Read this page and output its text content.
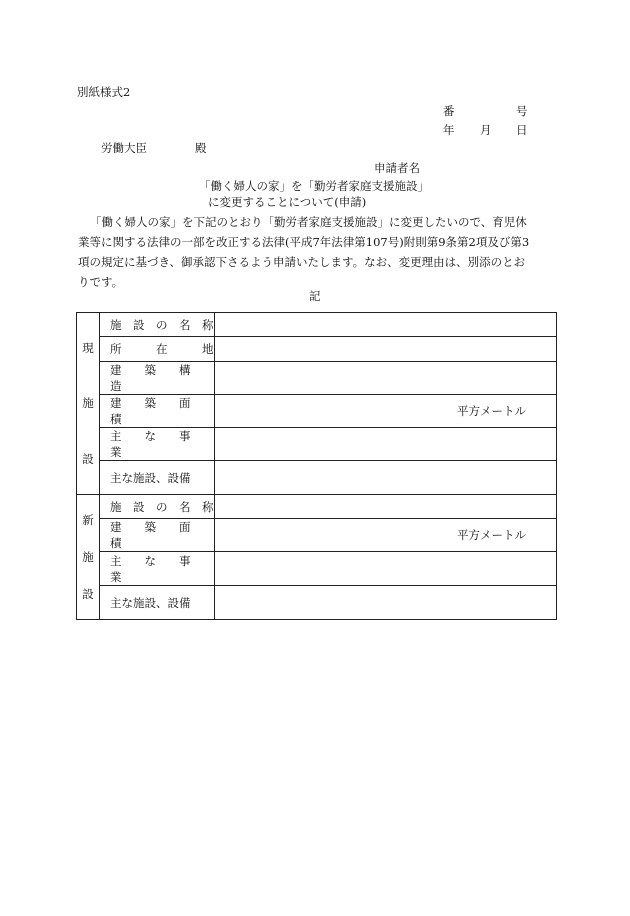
別紙様式2
番	号
年 月 日
労働大臣	殿
申請者名
「働く婦人の家」を「勤労者家庭支援施設」
に変更することについて(申請)
「働く婦人の家」を下記のとおり「勤労者家庭支援施設」に変更したいので、育児休
業等に関する法律の一部を改正する法律(平成7年法律第107号)附則第9条第2項及び第3
項の規定に基づき、御承認下さるよう申請いたします。なお、変更理由は、別添のとお
りです。
記
現
施
設	施　設　の　名　称	

	所　　　在　　　地	

	建　　築　　構　　造	

	建　　築　　面　　積	平方メートル

	主　　な　　事　　業	

	主な施設、設備	

新
施
設	施　設　の　名　称	

	建　　築　　面　　積	平方メートル

	主　　な　　事　　業	

	主な施設、設備	
